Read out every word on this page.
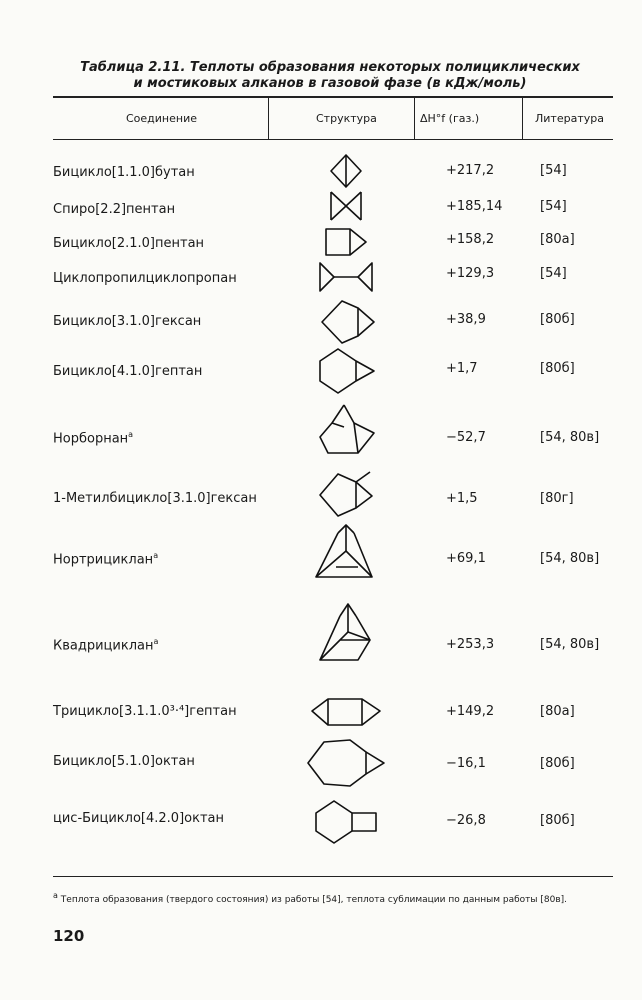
Таблица 2.11. Теплоты образования некоторых полициклических
и мостиковых алканов в газовой фазе (в кДж/моль)
Соединение	Структура	ΔH°f (газ.)	Литература
Бицикло[1.1.0]бутан	+217,2	[54]
Спиро[2.2]пентан	+185,14	[54]
Бицикло[2.1.0]пентан	+158,2	[80а]
Циклопропилциклопропан	+129,3	[54]
Бицикло[3.1.0]гексан	+38,9	[80б]
Бицикло[4.1.0]гептан	+1,7	[80б]
Норборнан$^а$	−52,7	[54, 80в]
1-Метилбицикло[3.1.0]гексан	+1,5	[80г]
Нортрициклан$^а$	+69,1	[54, 80в]
Квадрициклан$^а$	+253,3	[54, 80в]
Трицикло[3.1.1.0³·⁴]гептан	+149,2	[80а]
Бицикло[5.1.0]октан	−16,1	[80б]
цис-Бицикло[4.2.0]октан	−26,8	[80б]
$^а$ Теплота образования (твердого состояния) из работы [54], теплота сублимации по данным работы [80в].
120
